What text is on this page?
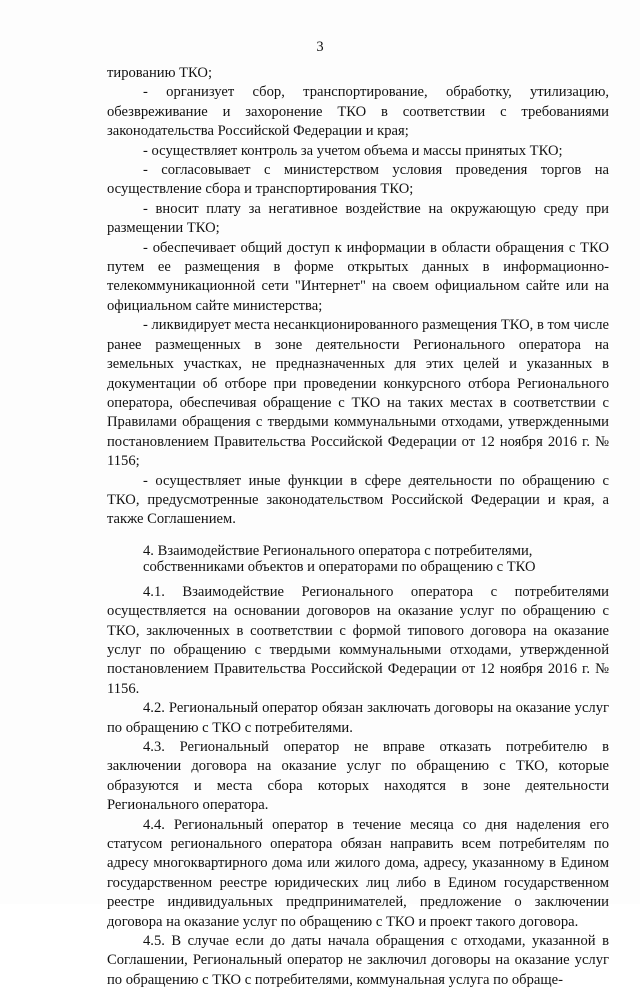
3

тированию ТКО;

- организует сбор, транспортирование, обработку, утилизацию, обезвреживание и захоронение ТКО в соответствии с требованиями законодательства Российской Федерации и края;

- осуществляет контроль за учетом объема и массы принятых ТКО;

- согласовывает с министерством условия проведения торгов на осуществление сбора и транспортирования ТКО;

- вносит плату за негативное воздействие на окружающую среду при размещении ТКО;

- обеспечивает общий доступ к информации в области обращения с ТКО путем ее размещения в форме открытых данных в информационно-телекоммуникационной сети "Интернет" на своем официальном сайте или на официальном сайте министерства;

- ликвидирует места несанкционированного размещения ТКО, в том числе ранее размещенных в зоне деятельности Регионального оператора на земельных участках, не предназначенных для этих целей и указанных в документации об отборе при проведении конкурсного отбора Регионального оператора, обеспечивая обращение с ТКО на таких местах в соответствии с Правилами обращения с твердыми коммунальными отходами, утвержденными постановлением Правительства Российской Федерации от 12 ноября 2016 г. № 1156;

- осуществляет иные функции в сфере деятельности по обращению с ТКО, предусмотренные законодательством Российской Федерации и края, а также Соглашением.

4. Взаимодействие Регионального оператора с потребителями, собственниками объектов и операторами по обращению с ТКО

4.1. Взаимодействие Регионального оператора с потребителями осуществляется на основании договоров на оказание услуг по обращению с ТКО, заключенных в соответствии с формой типового договора на оказание услуг по обращению с твердыми коммунальными отходами, утвержденной постановлением Правительства Российской Федерации от 12 ноября 2016 г. № 1156.

4.2. Региональный оператор обязан заключать договоры на оказание услуг по обращению с ТКО с потребителями.

4.3. Региональный оператор не вправе отказать потребителю в заключении договора на оказание услуг по обращению с ТКО, которые образуются и места сбора которых находятся в зоне деятельности Регионального оператора.

4.4. Региональный оператор в течение месяца со дня наделения его статусом регионального оператора обязан направить всем потребителям по адресу многоквартирного дома или жилого дома, адресу, указанному в Едином государственном реестре юридических лиц либо в Едином государственном реестре индивидуальных предпринимателей, предложение о заключении договора на оказание услуг по обращению с ТКО и проект такого договора.

4.5. В случае если до даты начала обращения с отходами, указанной в Соглашении, Региональный оператор не заключил договоры на оказание услуг по обращению с ТКО с потребителями, коммунальная услуга по обраще-
